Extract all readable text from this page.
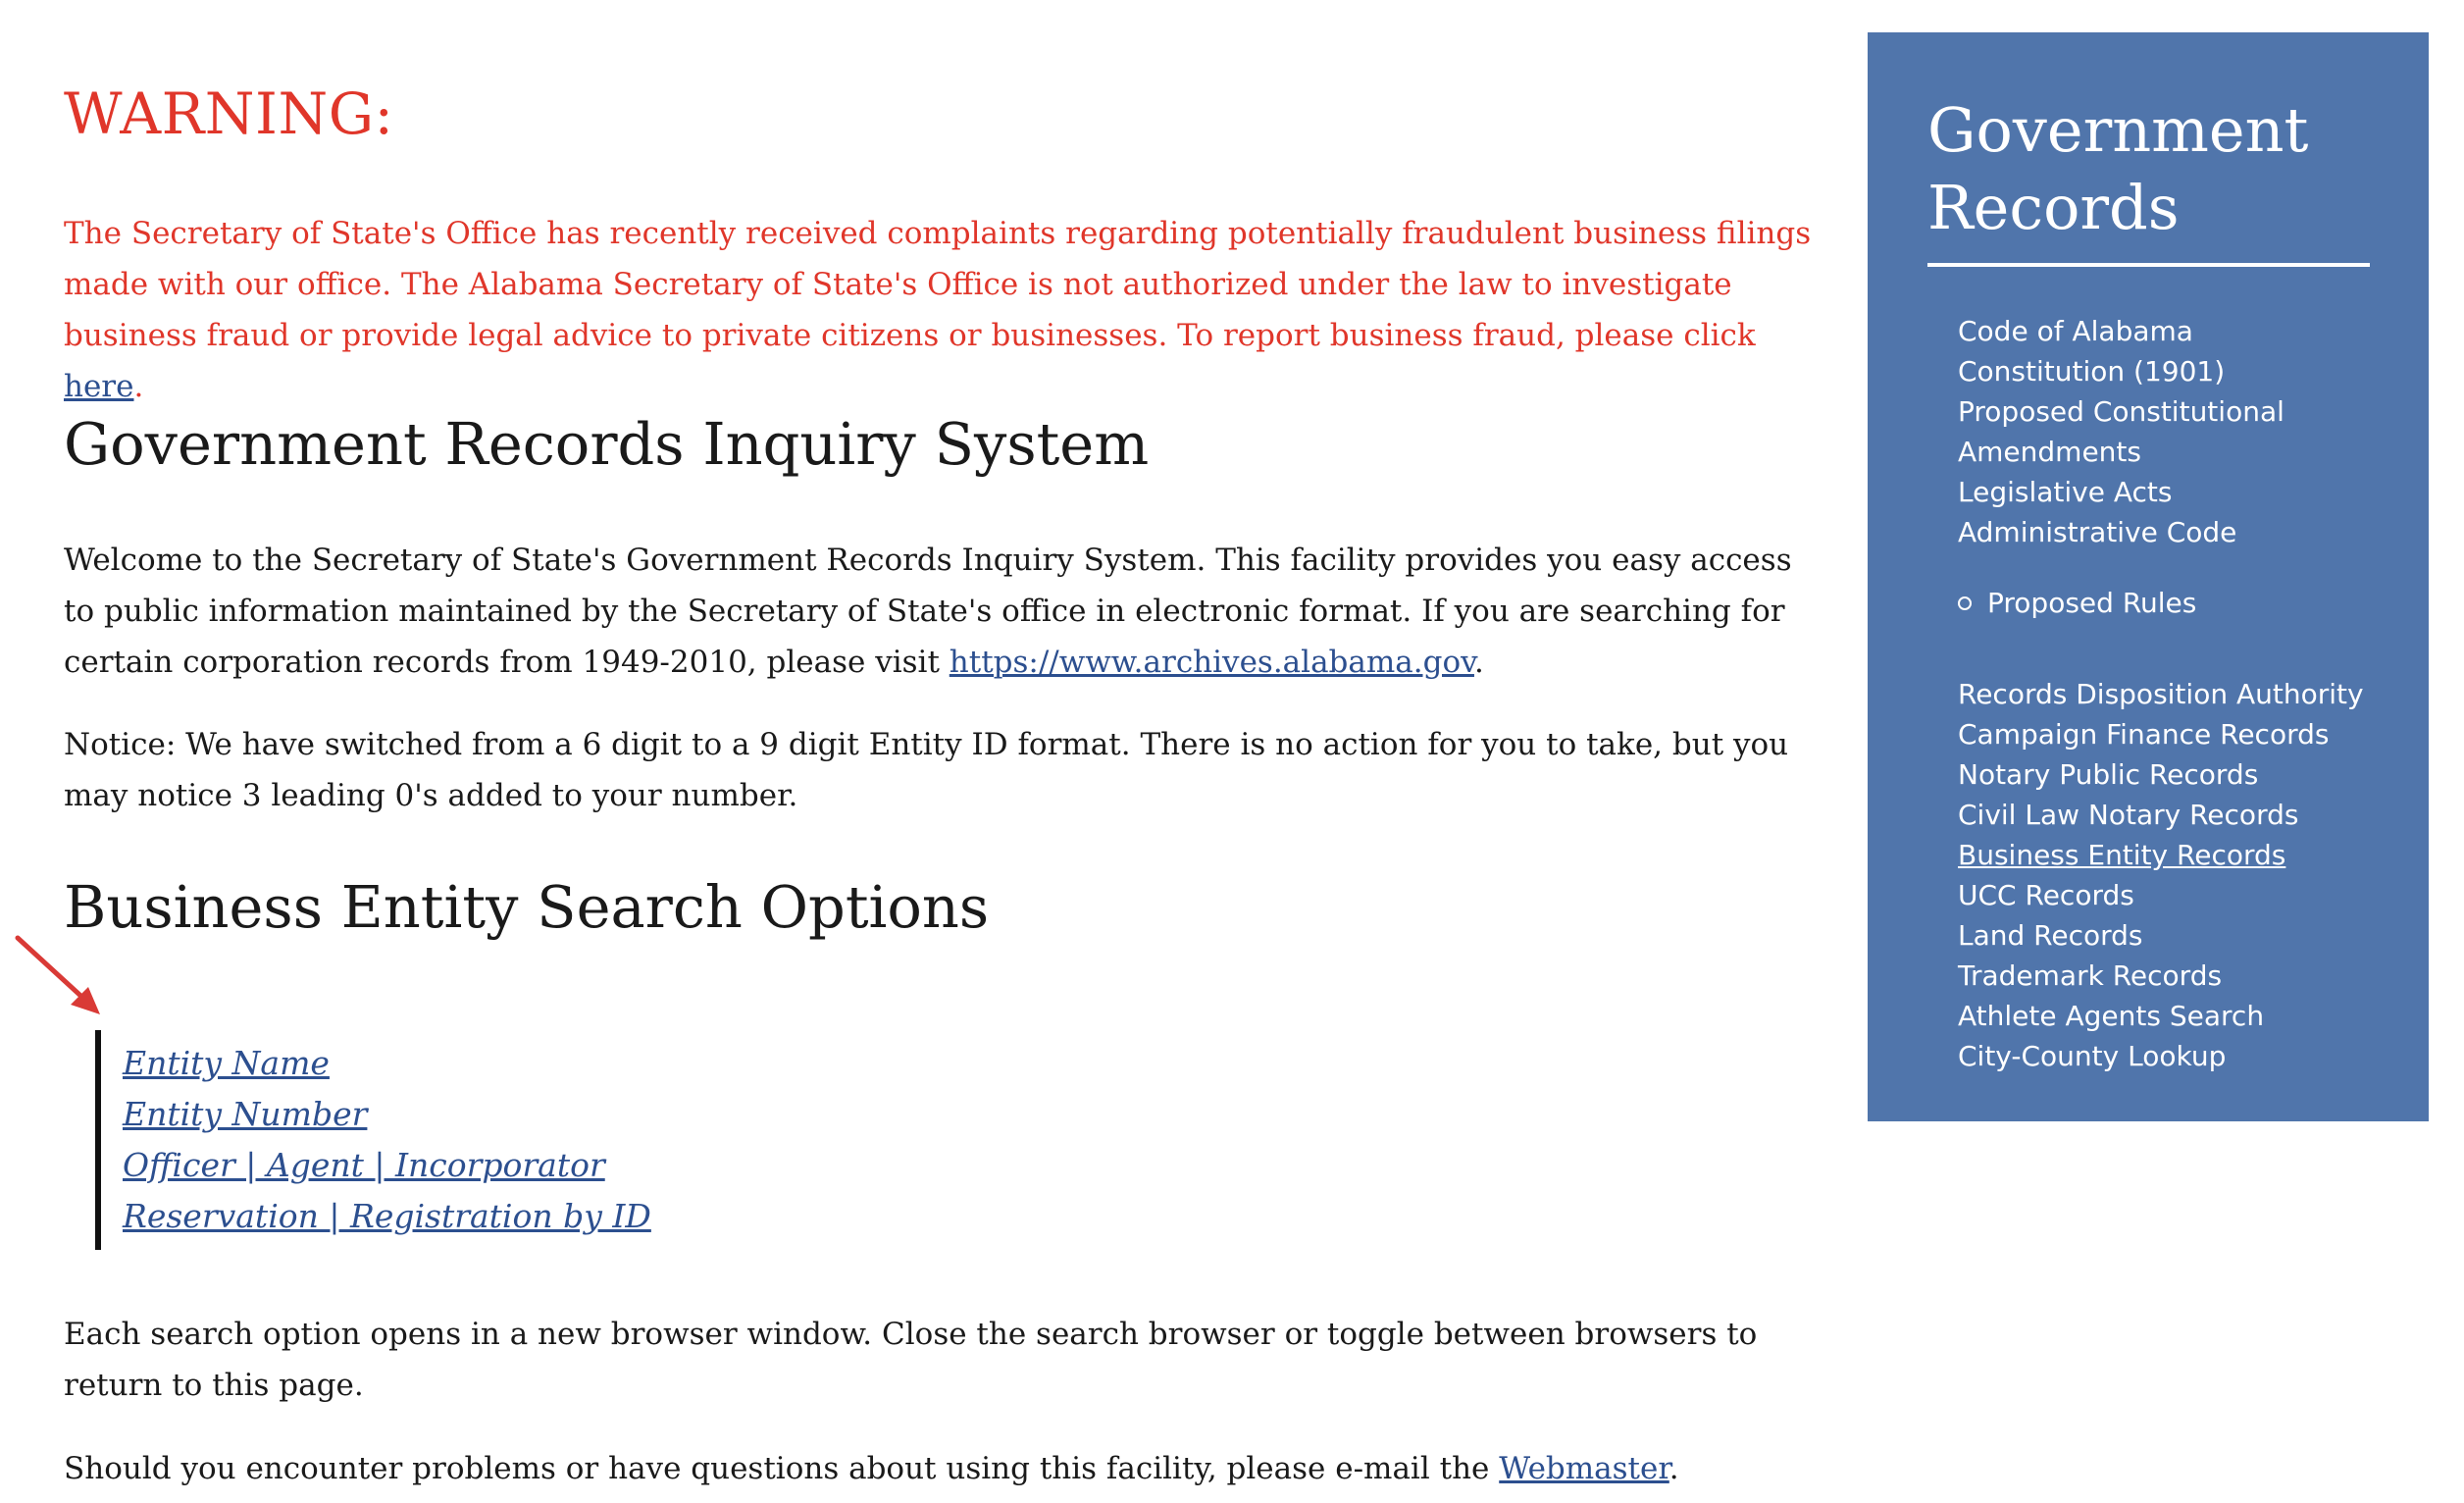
WARNING:

The Secretary of State's Office has recently received complaints regarding potentially fraudulent business filings made with our office. The Alabama Secretary of State's Office is not authorized under the law to investigate business fraud or provide legal advice to private citizens or businesses. To report business fraud, please click here.

Government Records Inquiry System

Welcome to the Secretary of State's Government Records Inquiry System. This facility provides you easy access to public information maintained by the Secretary of State's office in electronic format. If you are searching for certain corporation records from 1949-2010, please visit https://www.archives.alabama.gov.

Notice: We have switched from a 6 digit to a 9 digit Entity ID format. There is no action for you to take, but you may notice 3 leading 0's added to your number.

Business Entity Search Options
Entity Name
Entity Number
Officer | Agent | Incorporator
Reservation | Registration by ID

Each search option opens in a new browser window. Close the search browser or toggle between browsers to return to this page.

Should you encounter problems or have questions about using this facility, please e-mail the Webmaster.

Government Records
Code of Alabama
Constitution (1901)
Proposed Constitutional Amendments
Legislative Acts
Administrative Code
Proposed Rules
Records Disposition Authority
Campaign Finance Records
Notary Public Records
Civil Law Notary Records
Business Entity Records
UCC Records
Land Records
Trademark Records
Athlete Agents Search
City-County Lookup
